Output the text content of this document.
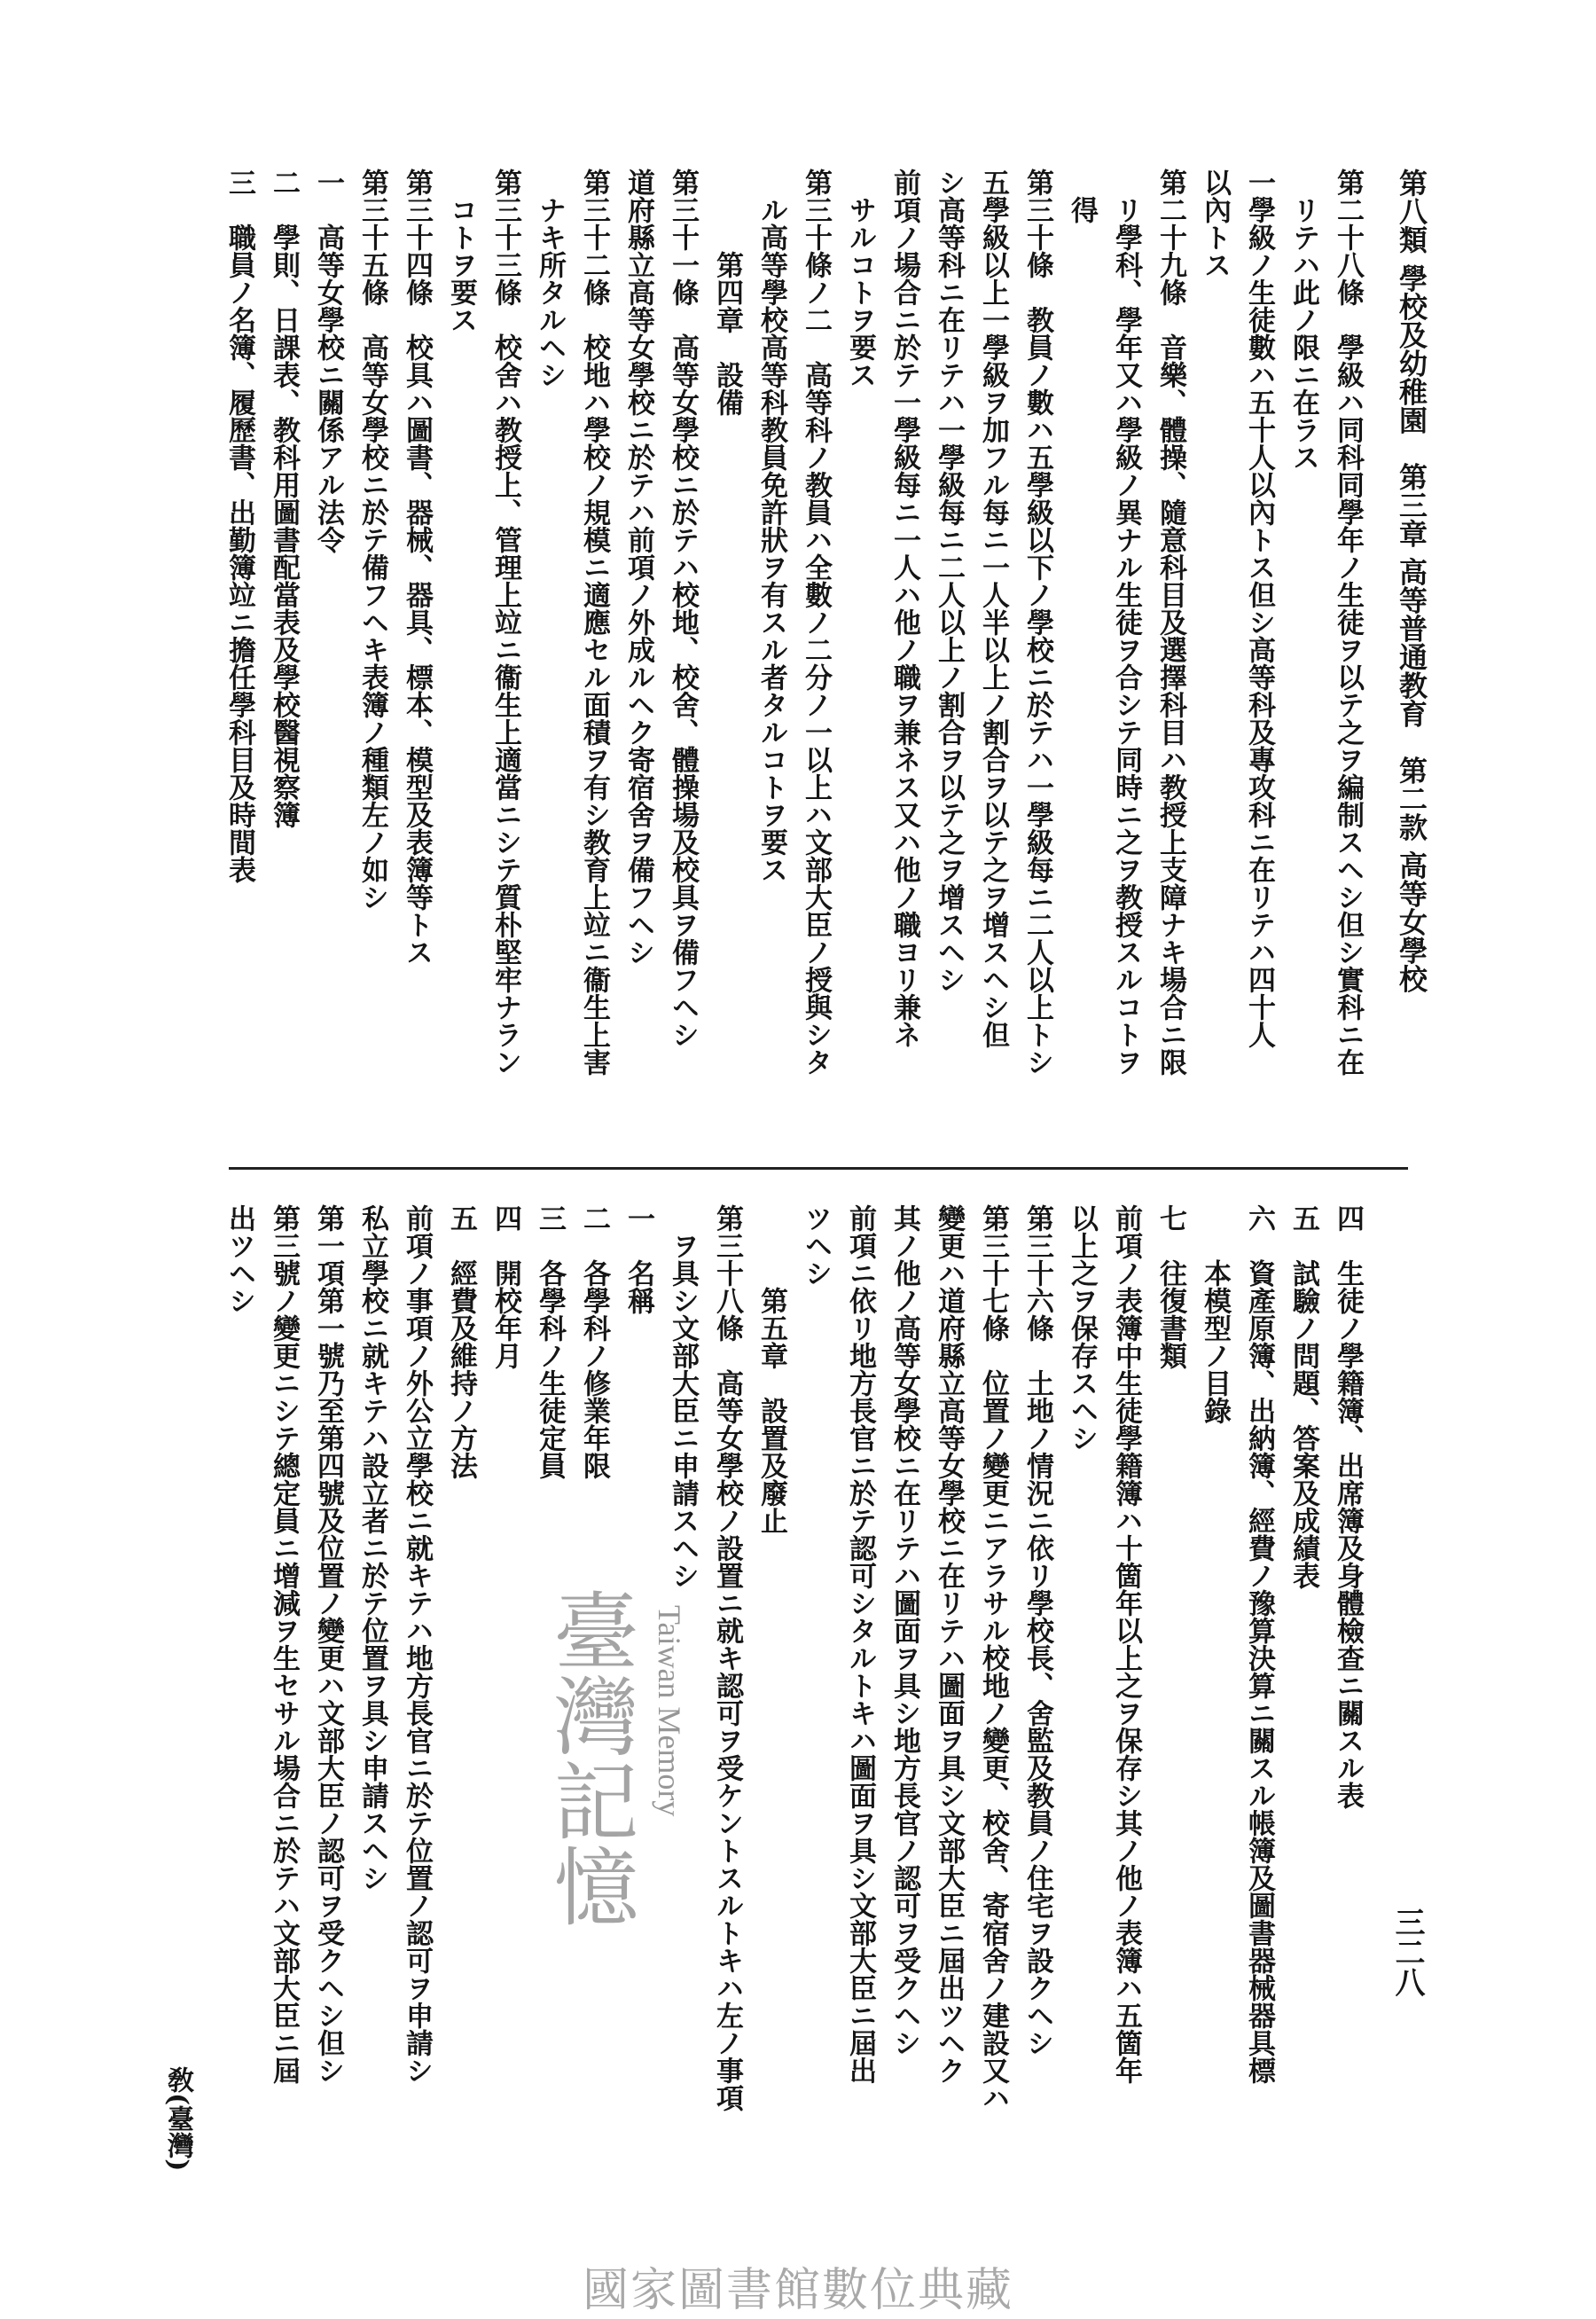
第八類 學校及幼稚園　第三章 高等普通教育　第二款 高等女學校
第二十八條　學級ハ同科同學年ノ生徒ヲ以テ之ヲ編制スヘシ但シ實科ニ在
　リテハ此ノ限ニ在ラス
一學級ノ生徒數ハ五十人以內トス但シ高等科及專攻科ニ在リテハ四十人
以內トス
第二十九條　音樂、體操、隨意科目及選擇科目ハ教授上支障ナキ場合ニ限
　リ學科、學年又ハ學級ノ異ナル生徒ヲ合シテ同時ニ之ヲ教授スルコトヲ
　得
第三十條　教員ノ數ハ五學級以下ノ學校ニ於テハ一學級每ニ二人以上トシ
五學級以上一學級ヲ加フル每ニ一人半以上ノ割合ヲ以テ之ヲ增スヘシ但
シ高等科ニ在リテハ一學級每ニ二人以上ノ割合ヲ以テ之ヲ增スヘシ
前項ノ場合ニ於テ一學級每ニ一人ハ他ノ職ヲ兼ネス又ハ他ノ職ヨリ兼ネ
　サルコトヲ要ス
第三十條ノ二　高等科ノ教員ハ全數ノ二分ノ一以上ハ文部大臣ノ授與シタ
　ル高等學校高等科教員免許狀ヲ有スル者タルコトヲ要ス
　　　第四章　設備
第三十一條　高等女學校ニ於テハ校地、校舍、體操場及校具ヲ備フヘシ
道府縣立高等女學校ニ於テハ前項ノ外成ルヘク寄宿舍ヲ備フヘシ
第三十二條　校地ハ學校ノ規模ニ適應セル面積ヲ有シ教育上竝ニ衞生上害
　ナキ所タルヘシ
第三十三條　校舍ハ教授上、管理上竝ニ衞生上適當ニシテ質朴堅牢ナラン
　コトヲ要ス
第三十四條　校具ハ圖書、器械、器具、標本、模型及表簿等トス
第三十五條　高等女學校ニ於テ備フヘキ表簿ノ種類左ノ如シ
一　高等女學校ニ關係アル法令
二　學則、日課表、教科用圖書配當表及學校醫視察簿
三　職員ノ名簿、履歷書、出勤簿竝ニ擔任學科目及時間表
三二八
四　生徒ノ學籍簿、出席簿及身體檢查ニ關スル表
五　試驗ノ問題、答案及成績表
六　資產原簿、出納簿、經費ノ豫算決算ニ關スル帳簿及圖書器械器具標
　　本模型ノ目錄
七　往復書類
前項ノ表簿中生徒學籍簿ハ十箇年以上之ヲ保存シ其ノ他ノ表簿ハ五箇年
以上之ヲ保存スヘシ
第三十六條　土地ノ情況ニ依リ學校長、舍監及教員ノ住宅ヲ設クヘシ
第三十七條　位置ノ變更ニアラサル校地ノ變更、校舍、寄宿舍ノ建設又ハ
變更ハ道府縣立高等女學校ニ在リテハ圖面ヲ具シ文部大臣ニ屆出ツヘク
其ノ他ノ高等女學校ニ在リテハ圖面ヲ具シ地方長官ノ認可ヲ受クヘシ
前項ニ依リ地方長官ニ於テ認可シタルトキハ圖面ヲ具シ文部大臣ニ屆出
ツヘシ
　　　第五章　設置及廢止
第三十八條　高等女學校ノ設置ニ就キ認可ヲ受ケントスルトキハ左ノ事項
　ヲ具シ文部大臣ニ申請スヘシ
一　名稱
二　各學科ノ修業年限
三　各學科ノ生徒定員
四　開校年月
五　經費及維持ノ方法
前項ノ事項ノ外公立學校ニ就キテハ地方長官ニ於テ位置ノ認可ヲ申請シ
私立學校ニ就キテハ設立者ニ於テ位置ヲ具シ申請スヘシ
第一項第一號乃至第四號及位置ノ變更ハ文部大臣ノ認可ヲ受クヘシ但シ
第三號ノ變更ニシテ總定員ニ增減ヲ生セサル場合ニ於テハ文部大臣ニ屆
出ツヘシ
臺灣記憶 Taiwan Memory
敎(臺灣)
國家圖書館數位典藏
